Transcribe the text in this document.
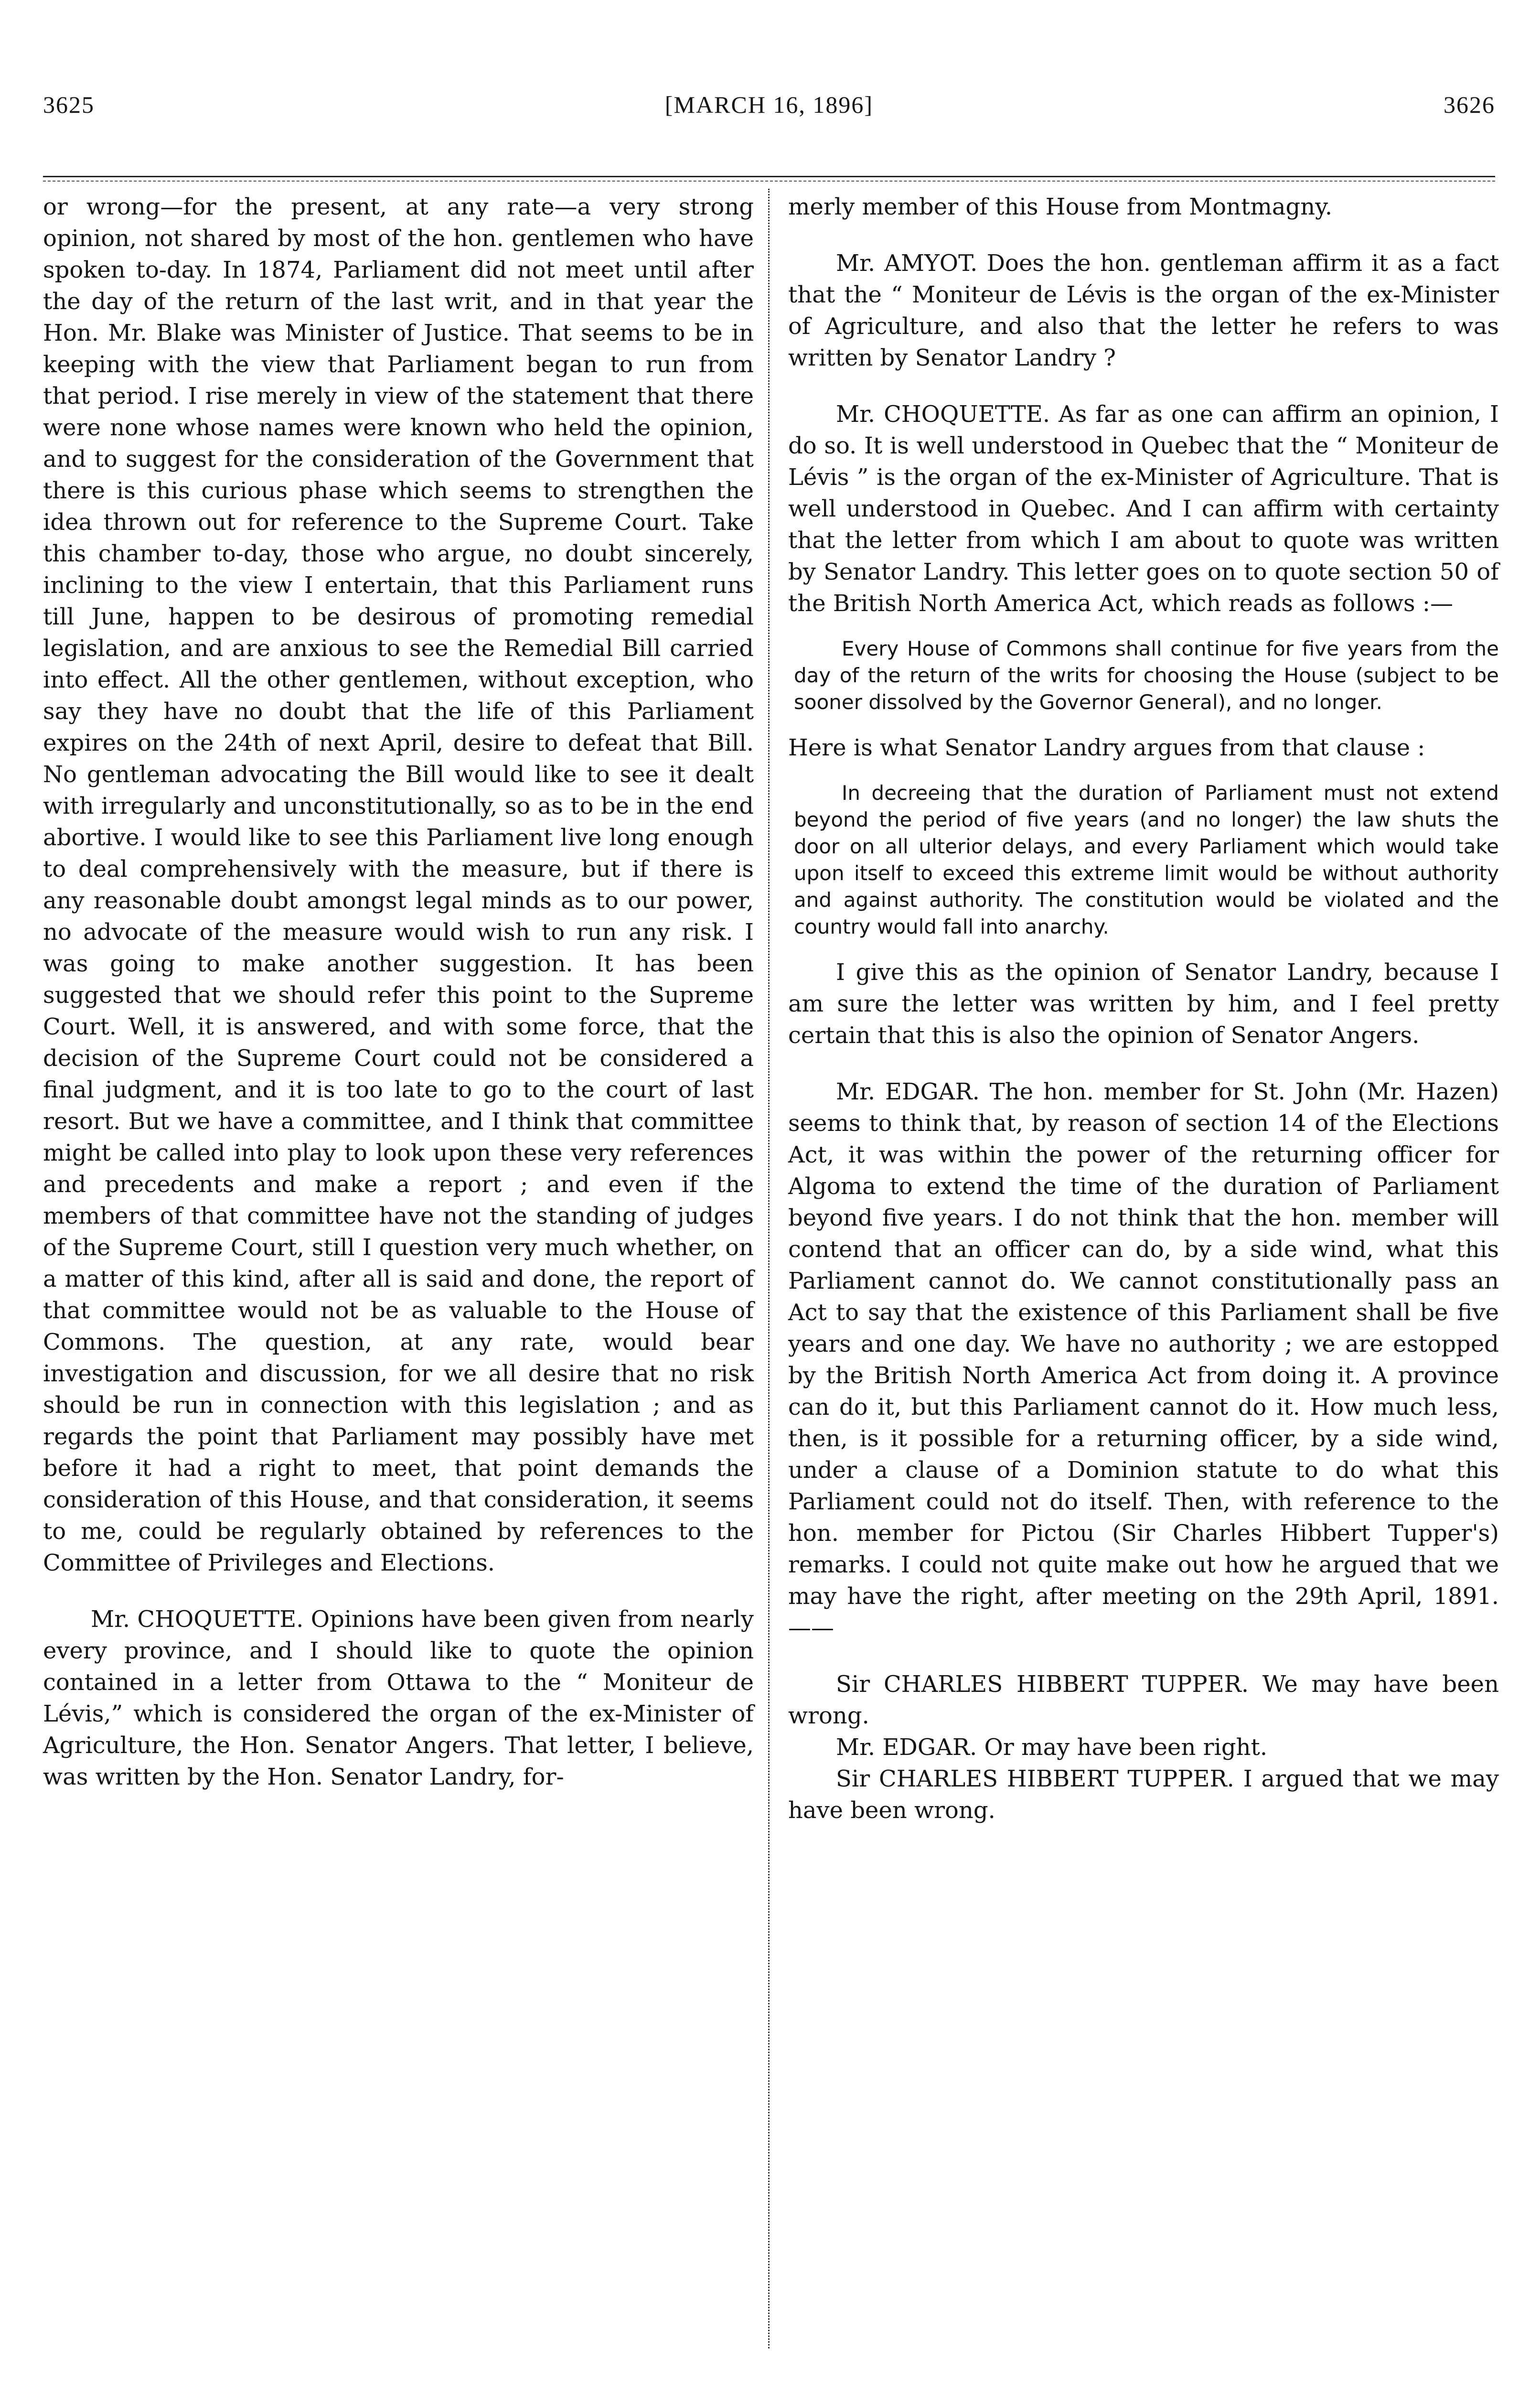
3625	[MARCH 16, 1896]	3626

or wrong—for the present, at any rate—a very strong opinion, not shared by most of the hon. gentlemen who have spoken to-day. In 1874, Parliament did not meet until after the day of the return of the last writ, and in that year the Hon. Mr. Blake was Minister of Justice. That seems to be in keeping with the view that Parliament began to run from that period. I rise merely in view of the statement that there were none whose names were known who held the opinion, and to suggest for the consideration of the Government that there is this curious phase which seems to strengthen the idea thrown out for reference to the Supreme Court. Take this chamber to-day, those who argue, no doubt sincerely, inclining to the view I entertain, that this Parliament runs till June, happen to be desirous of promoting remedial legislation, and are anxious to see the Remedial Bill carried into effect. All the other gentlemen, without exception, who say they have no doubt that the life of this Parliament expires on the 24th of next April, desire to defeat that Bill. No gentleman advocating the Bill would like to see it dealt with irregularly and unconstitutionally, so as to be in the end abortive. I would like to see this Parliament live long enough to deal comprehensively with the measure, but if there is any reasonable doubt amongst legal minds as to our power, no advocate of the measure would wish to run any risk. I was going to make another suggestion. It has been suggested that we should refer this point to the Supreme Court. Well, it is answered, and with some force, that the decision of the Supreme Court could not be considered a final judgment, and it is too late to go to the court of last resort. But we have a committee, and I think that committee might be called into play to look upon these very references and precedents and make a report ; and even if the members of that committee have not the standing of judges of the Supreme Court, still I question very much whether, on a matter of this kind, after all is said and done, the report of that committee would not be as valuable to the House of Commons. The question, at any rate, would bear investigation and discussion, for we all desire that no risk should be run in connection with this legislation ; and as regards the point that Parliament may possibly have met before it had a right to meet, that point demands the consideration of this House, and that consideration, it seems to me, could be regularly obtained by references to the Committee of Privileges and Elections.

Mr. CHOQUETTE. Opinions have been given from nearly every province, and I should like to quote the opinion contained in a letter from Ottawa to the “ Moniteur de Lévis,” which is considered the organ of the ex-Minister of Agriculture, the Hon. Senator Angers. That letter, I believe, was written by the Hon. Senator Landry, for-

merly member of this House from Montmagny.

Mr. AMYOT. Does the hon. gentleman affirm it as a fact that the “ Moniteur de Lévis is the organ of the ex-Minister of Agriculture, and also that the letter he refers to was written by Senator Landry ?

Mr. CHOQUETTE. As far as one can affirm an opinion, I do so. It is well understood in Quebec that the “ Moniteur de Lévis ” is the organ of the ex-Minister of Agriculture. That is well understood in Quebec. And I can affirm with certainty that the letter from which I am about to quote was written by Senator Landry. This letter goes on to quote section 50 of the British North America Act, which reads as follows :—

Every House of Commons shall continue for five years from the day of the return of the writs for choosing the House (subject to be sooner dissolved by the Governor General), and no longer.

Here is what Senator Landry argues from that clause :

In decreeing that the duration of Parliament must not extend beyond the period of five years (and no longer) the law shuts the door on all ulterior delays, and every Parliament which would take upon itself to exceed this extreme limit would be without authority and against authority. The constitution would be violated and the country would fall into anarchy.

I give this as the opinion of Senator Landry, because I am sure the letter was written by him, and I feel pretty certain that this is also the opinion of Senator Angers.

Mr. EDGAR. The hon. member for St. John (Mr. Hazen) seems to think that, by reason of section 14 of the Elections Act, it was within the power of the returning officer for Algoma to extend the time of the duration of Parliament beyond five years. I do not think that the hon. member will contend that an officer can do, by a side wind, what this Parliament cannot do. We cannot constitutionally pass an Act to say that the existence of this Parliament shall be five years and one day. We have no authority ; we are estopped by the British North America Act from doing it. A province can do it, but this Parliament cannot do it. How much less, then, is it possible for a returning officer, by a side wind, under a clause of a Dominion statute to do what this Parliament could not do itself. Then, with reference to the hon. member for Pictou (Sir Charles Hibbert Tupper's) remarks. I could not quite make out how he argued that we may have the right, after meeting on the 29th April, 1891.——

Sir CHARLES HIBBERT TUPPER. We may have been wrong.

Mr. EDGAR. Or may have been right.

Sir CHARLES HIBBERT TUPPER. I argued that we may have been wrong.
